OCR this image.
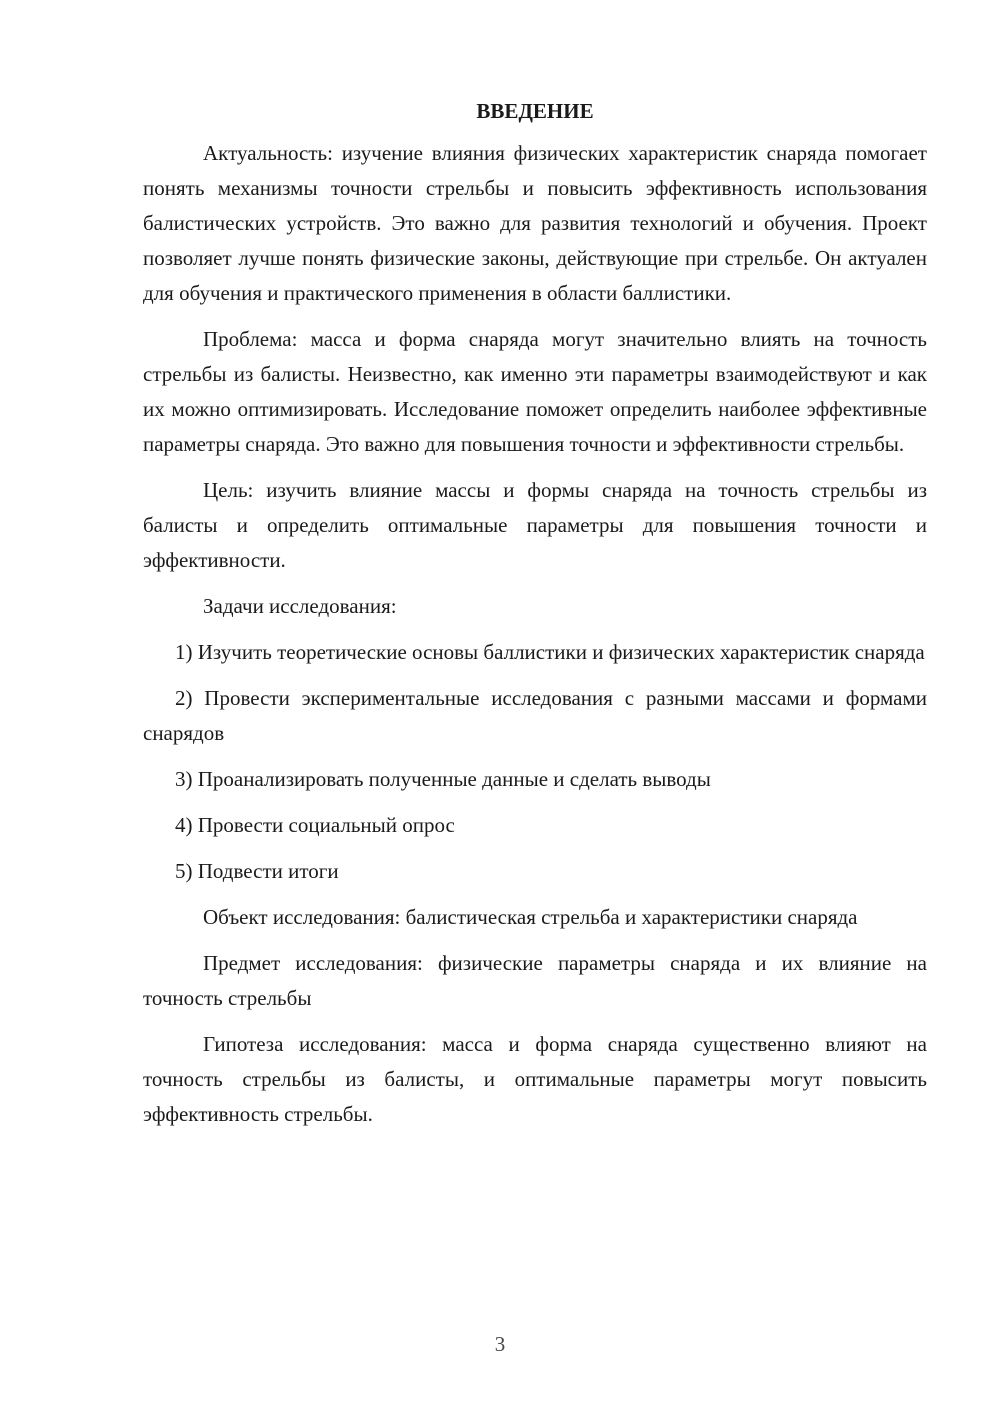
ВВЕДЕНИЕ

Актуальность: изучение влияния физических характеристик снаряда помогает понять механизмы точности стрельбы и повысить эффективность использования балистических устройств. Это важно для развития технологий и обучения. Проект позволяет лучше понять физические законы, действующие при стрельбе. Он актуален для обучения и практического применения в области баллистики.

Проблема: масса и форма снаряда могут значительно влиять на точность стрельбы из балисты. Неизвестно, как именно эти параметры взаимодействуют и как их можно оптимизировать. Исследование поможет определить наиболее эффективные параметры снаряда. Это важно для повышения точности и эффективности стрельбы.

Цель: изучить влияние массы и формы снаряда на точность стрельбы из балисты и определить оптимальные параметры для повышения точности и эффективности.

Задачи исследования:

1) Изучить теоретические основы баллистики и физических характеристик снаряда

2) Провести экспериментальные исследования с разными массами и формами снарядов

3) Проанализировать полученные данные и сделать выводы

4) Провести социальный опрос

5) Подвести итоги

Объект исследования: балистическая стрельба и характеристики снаряда

Предмет исследования: физические параметры снаряда и их влияние на точность стрельбы

Гипотеза исследования: масса и форма снаряда существенно влияют на точность стрельбы из балисты, и оптимальные параметры могут повысить эффективность стрельбы.

3
